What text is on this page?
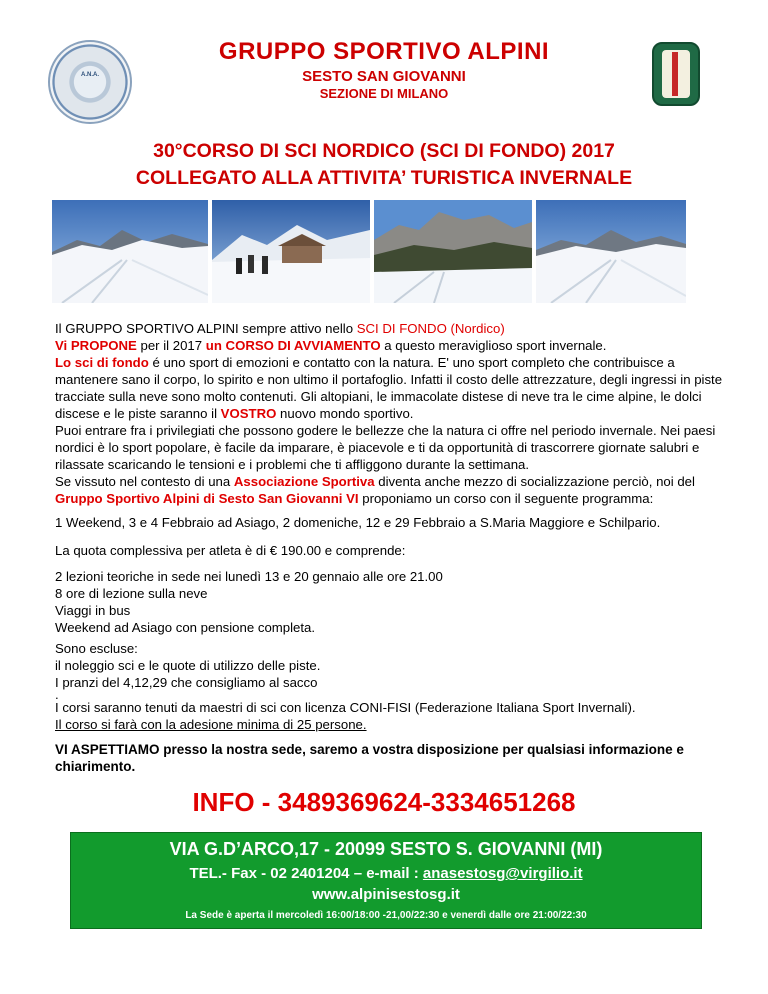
A.N.A.
GRUPPO SPORTIVO ALPINI
SESTO SAN GIOVANNI
SEZIONE DI MILANO
30°CORSO DI SCI NORDICO (SCI DI FONDO) 2017
COLLEGATO ALLA ATTIVITA’ TURISTICA INVERNALE
Il GRUPPO SPORTIVO ALPINI sempre attivo nello SCI DI FONDO (Nordico)
Vi PROPONE per il 2017 un CORSO DI AVVIAMENTO a questo meraviglioso sport invernale.
Lo sci di fondo é uno sport di emozioni e contatto con la natura. E' uno sport completo che contribuisce a mantenere sano il corpo, lo spirito e non ultimo il portafoglio. Infatti il costo delle attrezzature, degli ingressi in piste tracciate sulla neve sono molto contenuti. Gli altopiani, le immacolate distese di neve tra le cime alpine, le dolci discese e le piste saranno il VOSTRO nuovo mondo sportivo.
Puoi entrare fra i privilegiati che possono godere le bellezze che la natura ci offre nel periodo invernale. Nei paesi nordici è lo sport popolare, è facile da imparare, è piacevole e ti da opportunità di trascorrere giornate salubri e rilassate scaricando le tensioni e i problemi che ti affliggono durante la settimana.
Se vissuto nel contesto di una Associazione Sportiva diventa anche mezzo di socializzazione perciò, noi del Gruppo Sportivo Alpini di Sesto San Giovanni VI proponiamo un corso con il seguente programma:
1 Weekend, 3 e 4 Febbraio ad Asiago, 2 domeniche, 12 e 29 Febbraio a S.Maria Maggiore e Schilpario.
La quota complessiva per atleta è di € 190.00 e comprende:
2 lezioni teoriche in sede nei lunedì 13 e 20 gennaio alle ore 21.00
8 ore di lezione sulla neve
Viaggi in bus
Weekend ad Asiago con pensione completa.
Sono escluse:
il noleggio sci e le quote di utilizzo delle piste.
I pranzi del 4,12,29 che consigliamo al sacco
.
I corsi saranno tenuti da maestri di sci con licenza CONI-FISI (Federazione Italiana Sport Invernali).
Il corso si farà con la adesione minima di 25 persone.
VI ASPETTIAMO presso la nostra sede, saremo a vostra disposizione per qualsiasi informazione e chiarimento.
INFO - 3489369624-3334651268
VIA G.D’ARCO,17 - 20099 SESTO S. GIOVANNI (MI)
TEL.- Fax - 02 2401204 – e-mail : anasestosg@virgilio.it
www.alpinisestosg.it
La Sede è aperta il mercoledì 16:00/18:00 -21,00/22:30 e venerdì dalle ore 21:00/22:30
